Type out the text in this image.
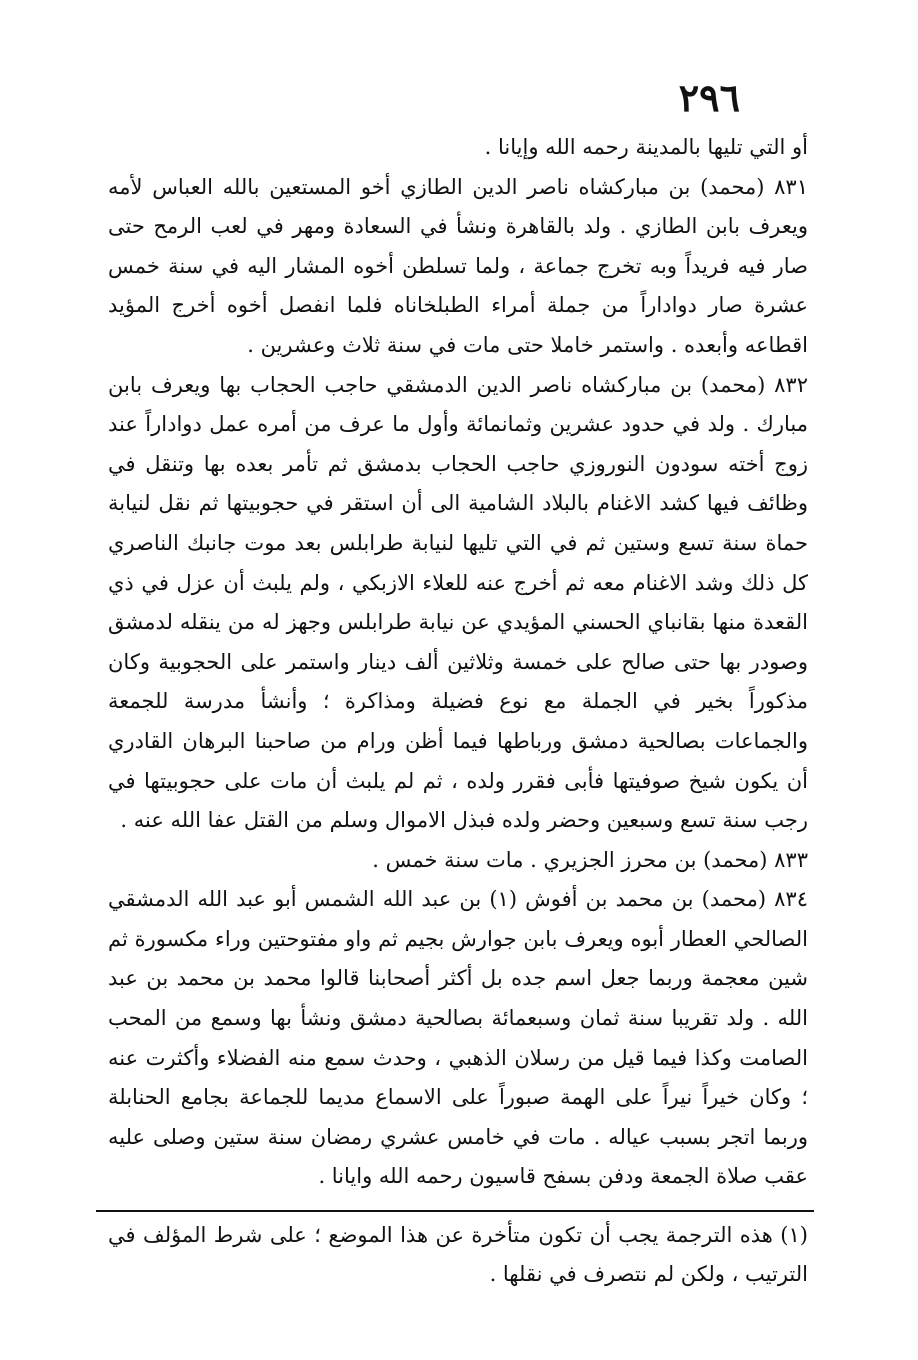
٢٩٦

أو التي تليها بالمدينة رحمه الله وإيانا .

٨٣١ (محمد) بن مباركشاه ناصر الدين الطازي أخو المستعين بالله العباس لأمه ويعرف بابن الطازي . ولد بالقاهرة ونشأ في السعادة ومهر في لعب الرمح حتى صار فيه فريداً وبه تخرج جماعة ، ولما تسلطن أخوه المشار اليه في سنة خمس عشرة صار دواداراً من جملة أمراء الطبلخاناه فلما انفصل أخوه أخرج المؤيد اقطاعه وأبعده . واستمر خاملا حتى مات في سنة ثلاث وعشرين .

٨٣٢ (محمد) بن مباركشاه ناصر الدين الدمشقي حاجب الحجاب بها ويعرف بابن مبارك . ولد في حدود عشرين وثمانمائة وأول ما عرف من أمره عمل دواداراً عند زوج أخته سودون النوروزي حاجب الحجاب بدمشق ثم تأمر بعده بها وتنقل في وظائف فيها كشد الاغنام بالبلاد الشامية الى أن استقر في حجوبيتها ثم نقل لنيابة حماة سنة تسع وستين ثم في التي تليها لنيابة طرابلس بعد موت جانبك الناصري كل ذلك وشد الاغنام معه ثم أخرج عنه للعلاء الازبكي ، ولم يلبث أن عزل في ذي القعدة منها بقانباي الحسني المؤيدي عن نيابة طرابلس وجهز له من ينقله لدمشق وصودر بها حتى صالح على خمسة وثلاثين ألف دينار واستمر على الحجوبية وكان مذكوراً بخير في الجملة مع نوع فضيلة ومذاكرة ؛ وأنشأ مدرسة للجمعة والجماعات بصالحية دمشق ورباطها فيما أظن ورام من صاحبنا البرهان القادري أن يكون شيخ صوفيتها فأبى فقرر ولده ، ثم لم يلبث أن مات على حجوبيتها في رجب سنة تسع وسبعين وحضر ولده فبذل الاموال وسلم من القتل عفا الله عنه .

٨٣٣ (محمد) بن محرز الجزيري . مات سنة خمس .

٨٣٤ (محمد) بن محمد بن أفوش (١) بن عبد الله الشمس أبو عبد الله الدمشقي الصالحي العطار أبوه ويعرف بابن جوارش بجيم ثم واو مفتوحتين وراء مكسورة ثم شين معجمة وربما جعل اسم جده بل أكثر أصحابنا قالوا محمد بن محمد بن عبد الله . ولد تقريبا سنة ثمان وسبعمائة بصالحية دمشق ونشأ بها وسمع من المحب الصامت وكذا فيما قيل من رسلان الذهبي ، وحدث سمع منه الفضلاء وأكثرت عنه ؛ وكان خيراً نيراً على الهمة صبوراً على الاسماع مديما للجماعة بجامع الحنابلة وربما اتجر بسبب عياله . مات في خامس عشري رمضان سنة ستين وصلى عليه عقب صلاة الجمعة ودفن بسفح قاسيون رحمه الله وايانا .

(١) هذه الترجمة يجب أن تكون متأخرة عن هذا الموضع ؛ على شرط المؤلف في الترتيب ، ولكن لم نتصرف في نقلها .
